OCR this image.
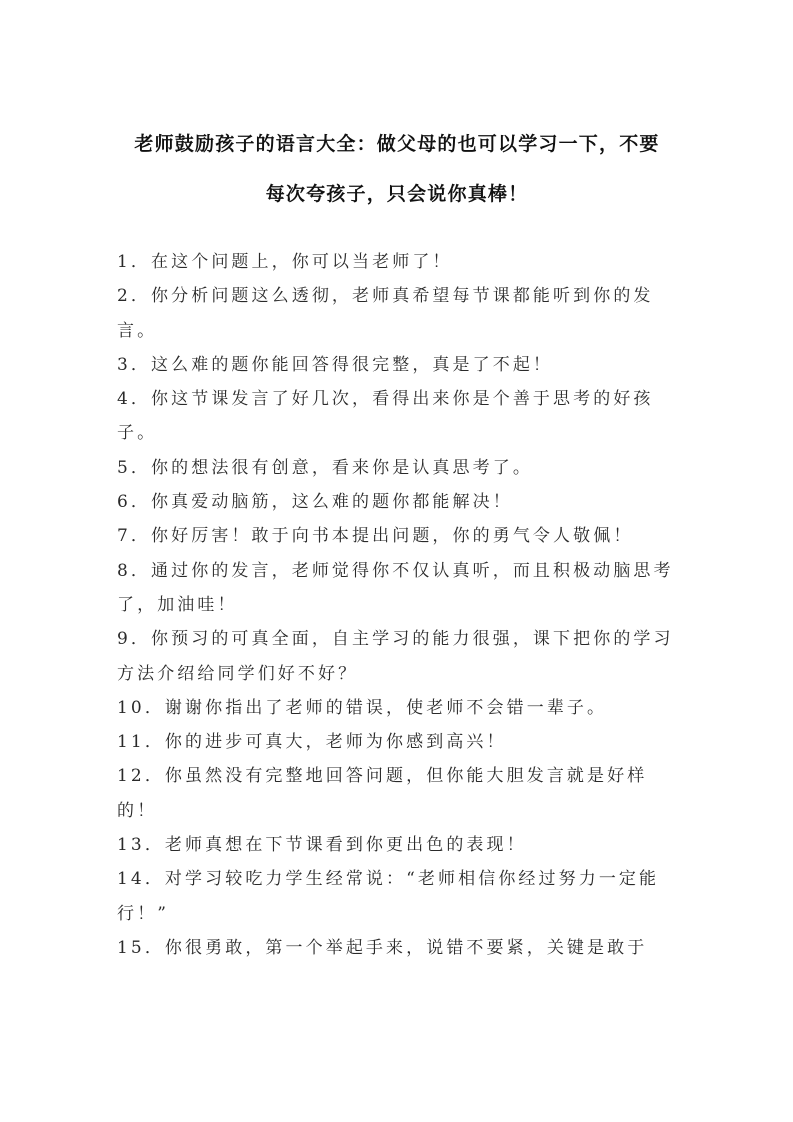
老师鼓励孩子的语言大全：做父母的也可以学习一下，不要
每次夸孩子，只会说你真棒！

1．在这个问题上，你可以当老师了！

2．你分析问题这么透彻，老师真希望每节课都能听到你的发言。

3．这么难的题你能回答得很完整，真是了不起！

4．你这节课发言了好几次，看得出来你是个善于思考的好孩子。

5．你的想法很有创意，看来你是认真思考了。

6．你真爱动脑筋，这么难的题你都能解决！

7．你好厉害！敢于向书本提出问题，你的勇气令人敬佩！

8．通过你的发言，老师觉得你不仅认真听，而且积极动脑思考了，加油哇！

9．你预习的可真全面，自主学习的能力很强，课下把你的学习方法介绍给同学们好不好？

10．谢谢你指出了老师的错误，使老师不会错一辈子。

11．你的进步可真大，老师为你感到高兴！

12．你虽然没有完整地回答问题，但你能大胆发言就是好样的！

13．老师真想在下节课看到你更出色的表现！

14．对学习较吃力学生经常说：“老师相信你经过努力一定能行！”

15．你很勇敢，第一个举起手来，说错不要紧，关键是敢于
